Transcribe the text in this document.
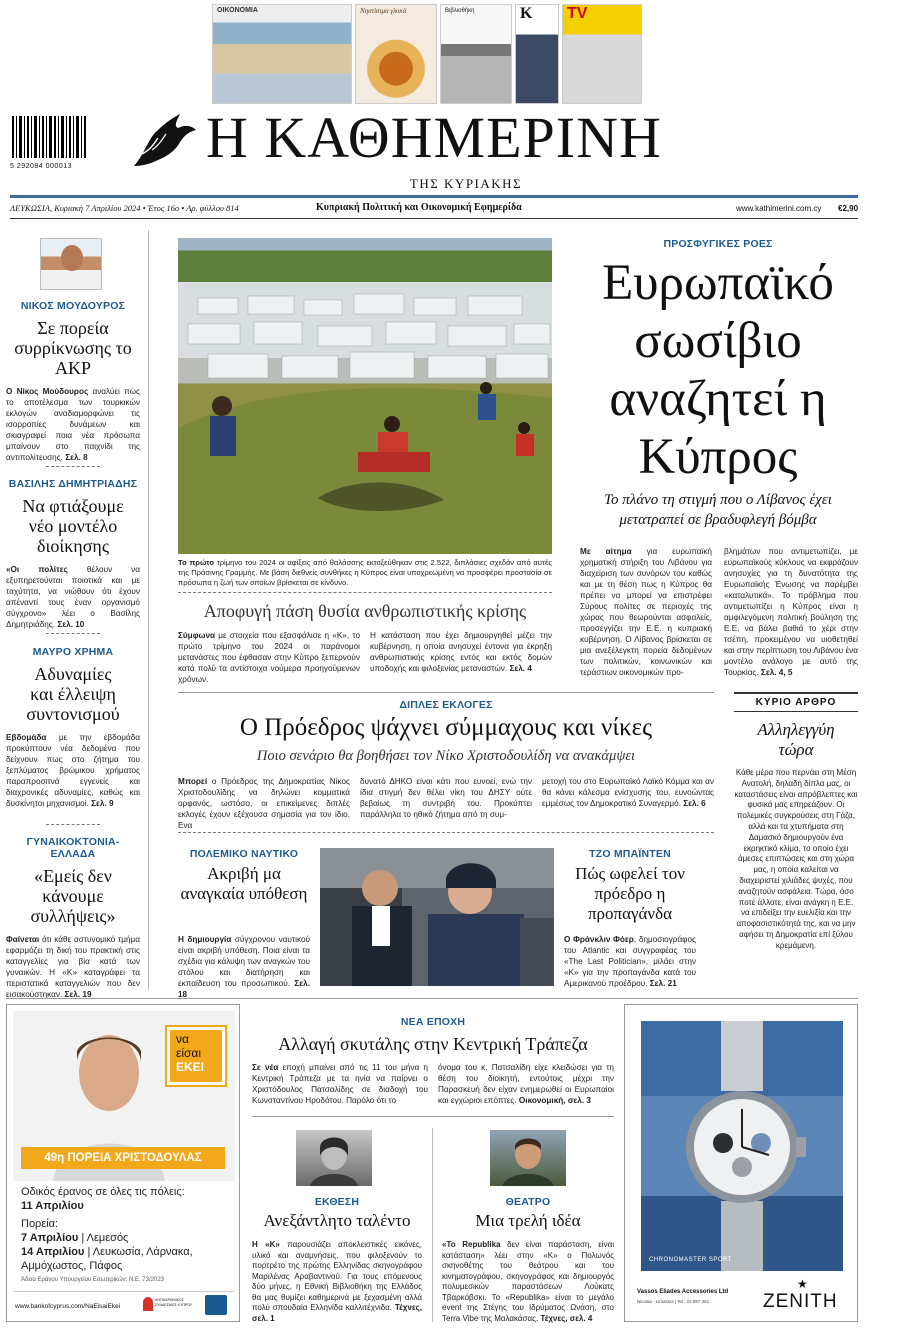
ΟΙΚΟΝΟΜΙΑ	Νηστίσιμα γλυκά	Βιβλιοθήκη	K	TV
5 292084 000013 Η ΚΑΘΗΜΕΡΙΝΗ
ΤΗΣ ΚΥΡΙΑΚΗΣ
ΛΕΥΚΩΣΙΑ, Κυριακή 7 Απριλίου 2024 • Έτος 16ο • Αρ. φύλλου 814	Κυπριακή Πολιτική και Οικονομική Εφημερίδα	www.kathimerini.com.cy €2,90
ΝΙΚΟΣ ΜΟΥΔΟΥΡΟΣ
Σε πορεία συρρίκνωσης το ΑΚΡ
Ο Νίκος Μούδουρος αναλύει πώς το αποτέλεσμα των τουρκικών εκλογών αναδιαμορφώνει τις ισορροπίες δυνάμεων και σκιαγραφεί ποια νέα πρόσωπα μπαίνουν στο παιχνίδι της αντιπολίτευσης. Σελ. 8
ΒΑΣΙΛΗΣ ΔΗΜΗΤΡΙΑΔΗΣ
Να φτιάξουμε νέο μοντέλο διοίκησης
«Οι πολίτες θέλουν να εξυπηρετούνται ποιοτικά και με ταχύτητα, να νιώθουν ότι έχουν απέναντί τους έναν οργανισμό σύγχρονο» λέει ο Βασίλης Δημητριάδης. Σελ. 10
ΜΑΥΡΟ ΧΡΗΜΑ
Αδυναμίες και έλλειψη συντονισμού
Εβδομάδα με την εβδομάδα προκύπτουν νέα δεδομένα που δείχνουν πως στο ζήτημα του ξεπλύματος βρώμικου χρήματος παραπροσιτνά εγγενείς και διαχρονικές αδυναμίες, καθώς και δυσκίνητοι μηχανισμοί. Σελ. 9
ΓΥΝΑΙΚΟΚΤΟΝΙΑ-ΕΛΛΑΔΑ
«Εμείς δεν κάνουμε συλλήψεις»
Φαίνεται ότι κάθε αστυνομικό τμήμα εφαρμόζει τη δική του πρακτική στις καταγγελίες για βία κατά των γυναικών. Η «Κ» καταγράφει τα περιστατικά καταγγελιών που δεν εισακούστηκαν. Σελ. 19
Το πρώτο τρίμηνο του 2024 οι αφίξεις από θαλάσσης εκτοξεύθηκαν στις 2.522, διπλάσιες σχεδόν από αυτές της Πράσινης Γραμμής. Με βάση διεθνείς συνθήκες η Κύπρος είναι υποχρεωμένη να προσφέρει προστασία σε πρόσωπα η ζωή των οποίων βρίσκεται σε κίνδυνο.
ΠΡΟΣΦΥΓΙΚΕΣ ΡΟΕΣ
Ευρωπαϊκό σωσίβιο αναζητεί η Κύπρος
Το πλάνο τη στιγμή που ο Λίβανος έχει μετατραπεί σε βραδυφλεγή βόμβα
Με αίτημα για ευρωπαϊκή χρηματική στήριξη του Λιβάνου για διαχείριση των συνόρων του καθώς και με τη θέση πως η Κύπρος θα πρέπει να μπορεί να επιστρέφει Σύρους πολίτες σε περιοχές της χώρας που θεωρούνται ασφαλείς, προσεγγίζει την Ε.Ε. η κυπριακή κυβέρνηση. Ο Λίβανος βρίσκεται σε μια ανεξέλεγκτη πορεία δεδομένων των πολιτικών, κοινωνικών και τεράστιων οικονομικών προ-
βλημάτων που αντιμετωπίζει, με ευρωπαϊκούς κύκλους να εκφράζουν ανησυχίες για τη δυνατότητα της Ευρωπαϊκής Ένωσης να παρέμβει «καταλυτικά». Το πρόβλημα που αντιμετωπίζει η Κύπρος είναι η αμφιλεγόμενη πολιτική βούληση της Ε.Ε. να βάλει βαθιά το χέρι στην τσέπη, προκειμένου να υιοθετηθεί και στην περίπτωση του Λιβάνου ένα μοντέλο ανάλογο με αυτό της Τουρκίας. Σελ. 4, 5
Αποφυγή πάση θυσία ανθρωπιστικής κρίσης
Σύμφωνα με στοιχεία που εξασφάλισε η «Κ», το πρώτο τρίμηνο του 2024 οι παράνομοι μετανάστες που έφθασαν στην Κύπρο ξεπερνούν κατά πολύ τα αντίστοιχα νούμερα προηγούμενων χρόνων.
Η κατάσταση που έχει δημιουργηθεί μέζει την κυβέρνηση, η οποία ανησυχεί έντονα για έκρηξη ανθρωπιστικής κρίσης εντός και εκτός δομών υποδοχής και φιλοξενίας μεταναστών. Σελ. 4
ΔΙΠΛΕΣ ΕΚΛΟΓΕΣ
Ο Πρόεδρος ψάχνει σύμμαχους και νίκες
Ποιο σενάριο θα βοηθήσει τον Νίκο Χριστοδουλίδη να ανακάμψει
Μπορεί ο Πρόεδρος της Δημοκρατίας Νίκος Χριστοδουλίδης να δηλώνει κομματικά ορφανός, ωστόσο, οι επικείμενες διπλές εκλογές έχουν εξέχουσα σημασία για τον ίδιο. Ενα
δυνατό ΔΗΚΟ είναι κάτι που ευνοεί, ενώ την ίδια στιγμή δεν θέλει νίκη του ΔΗΣΥ ούτε βεβαίως τη συντριβή του. Προκύπτει παράλληλα το ηθικό ζήτημα από τη συμ-
μετοχή του στο Ευρωπαϊκό Λαϊκό Κόμμα και αν θα κάνει κάλεσμα ενίσχυσης του, ευνοώντας εμμέσως τον Δημοκρατικό Συναγερμό. Σελ. 6
ΠΟΛΕΜΙΚΟ ΝΑΥΤΙΚΟ
Ακριβή μα αναγκαία υπόθεση
Η δημιουργία σύγχρονου ναυτικού είναι ακριβή υπόθεση. Ποια είναι τα σχέδια για κάλυψη των αναγκών του στόλου και διατήρηση και εκπαίδευση του προσωπικού. Σελ. 18
ΤΖΟ ΜΠΑΪΝΤΕΝ
Πώς ωφελεί τον πρόεδρο η προπαγάνδα
Ο Φράνκλιν Φόερ, δημοσιογράφος του Atlantic και συγγραφέας του «The Last Politician», μιλάει στην «Κ» για την προπαγάνδα κατά του Αμερικανού προέδρου. Σελ. 21
ΚΥΡΙΟ ΑΡΘΡΟ
Αλληλεγγύη τώρα
Κάθε μέρα που περνάει στη Μέση Ανατολή, δηλαδή δίπλα μας, οι καταστάσεις είναι απρόβλεπτες και φυσικά μας επηρεάζουν. Οι πολεμικές συγκρούσεις στη Γάζα, αλλά και τα χτυπήματα στη Δαμασκό δημιουργούν ένα εκρηκτικό κλίμα, το οποίο έχει άμεσες επιπτώσεις και στη χώρα μας, η οποία καλείται να διαχειριστεί χιλιάδες ψυχές, που αναζητούν ασφάλεια. Τώρα, όσο ποτέ άλλοτε, είναι ανάγκη η Ε.Ε. να επιδείξει την ευελιξία και την αποφασιστικότητά της, και να μην αφήσει τη Δημοκρατία επί ξύλου κρεμάμενη.
να
είσαι
ΕΚΕΙ
49η ΠΟΡΕΙΑ ΧΡΙΣΤΟΔΟΥΛΑΣ
Οδικός έρανος σε όλες τις πόλεις:
11 Απριλίου
Πορεία:
7 Απριλίου | Λεμεσός
14 Απριλίου | Λευκωσία, Λάρνακα,
Αμμόχωστος, Πάφος
Άδεια Εράνου Υπουργείου Εσωτερικών: Ν.Ε. 73/2023
www.bankofcyprus.com/NaEisaiEkei
ΑΝΤΙΚΑΡΚΙΝΙΚΟΣ ΣΥΝΔΕΣΜΟΣ ΚΥΠΡΟΥ
ΝΕΑ ΕΠΟΧΗ
Αλλαγή σκυτάλης στην Κεντρική Τράπεζα
Σε νέα εποχή μπαίνει από τις 11 του μήνα η Κεντρική Τράπεζα με τα ηνία να παίρνει ο Χριστόδουλος Πατσαλίδης σε διαδοχή του Κωνσταντίνου Ηροδότου. Παρόλο ότι το
όνομα του κ. Πατσαλίδη είχε κλειδώσει για τη θέση του διοικητή, εντούτοις μέχρι την Παρασκευή δεν είχαν ενημερωθεί οι Ευρωπαίοι και εγχώριοι επόπτες. Οικονομική, σελ. 3
ΕΚΘΕΣΗ
Ανεξάντλητο ταλέντο
Η «Κ» παρουσιάζει αποκλειστικές εικόνες, υλικό και αναμνήσεις, που φιλοξενούν το πορτρέτο της πρώτης Ελληνίδας σκηνογράφου Μαριλένας Αραβαντινού. Για τους επόμενους δύο μήνες, η Εθνική Βιβλιοθήκη της Ελλάδος θα μας θυμίζει καθημερινά με ξεχασμένη αλλά πολύ σπουδαία Ελληνίδα καλλιτέχνιδα. Τέχνες, σελ. 1
ΘΕΑΤΡΟ
Μια τρελή ιδέα
«Το Republika δεν είναι παράσταση, είναι κατάσταση» λέει στην «Κ» ο Πολωνός σκηνοθέτης του θεάτρου και του κινηματογράφου, σκηνογράφος και δημιουργός πολυμεσικών παραστάσεων Λούκατς Τβαρκόβσκι. Το «Republika» είναι το μεγάλο event της Στέγης του Ιδρύματος Ωνάση, στο Terra Vibe της Μαλακάσας. Τέχνες, σελ. 4
CHRONOMASTER SPORT
Vassos Eliades Accessories Ltd
Nicosia - Limassol | Tel.: 22 897 361
★
ZENITH
